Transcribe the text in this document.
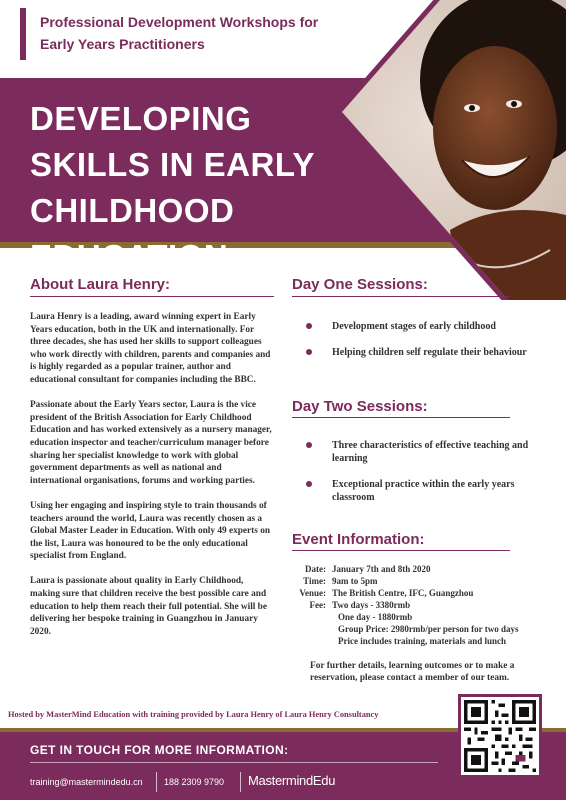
Professional Development Workshops for
Early Years Practitioners
DEVELOPING
SKILLS IN EARLY
CHILDHOOD EDUCATION
About Laura Henry:

Laura Henry is a leading, award winning expert in Early Years education, both in the UK and internationally. For three decades, she has used her skills to support colleagues who work directly with children, parents and companies and is highly regarded as a popular trainer, author and educational consultant for companies including the BBC.

Passionate about the Early Years sector, Laura is the vice president of the British Association for Early Childhood Education and has worked extensively as a nursery manager, education inspector and teacher/curriculum manager before sharing her specialist knowledge to work with global government departments as well as national and international organisations, forums and working parties.

Using her engaging and inspiring style to train thousands of teachers around the world, Laura was recently chosen as a Global Master Leader in Education. With only 49 experts on the list, Laura was honoured to be the only educational specialist from England.

Laura is passionate about quality in Early Childhood, making sure that children receive the best possible care and education to help them reach their full potential. She will be delivering her bespoke training in Guangzhou in January 2020.

Day One Sessions:
Development stages of early childhood
Helping children self regulate their behaviour
Day Two Sessions:
Three characteristics of effective teaching and learning
Exceptional practice within the early years classroom
Event Information:
Date: January 7th and 8th 2020
Time: 9am to 5pm
Venue: The British Centre, IFC, Guangzhou
Fee: Two days - 3380rmb
One day - 1880rmb
Group Price: 2980rmb/per person for two days
Price includes training, materials and lunch
For further details, learning outcomes or to make a reservation, please contact a member of our team.
Hosted by MasterMind Education with training provided by Laura Henry of Laura Henry Consultancy
GET IN TOUCH FOR MORE INFORMATION:
training@mastermindedu.cn 188 2309 9790 MastermindEdu
